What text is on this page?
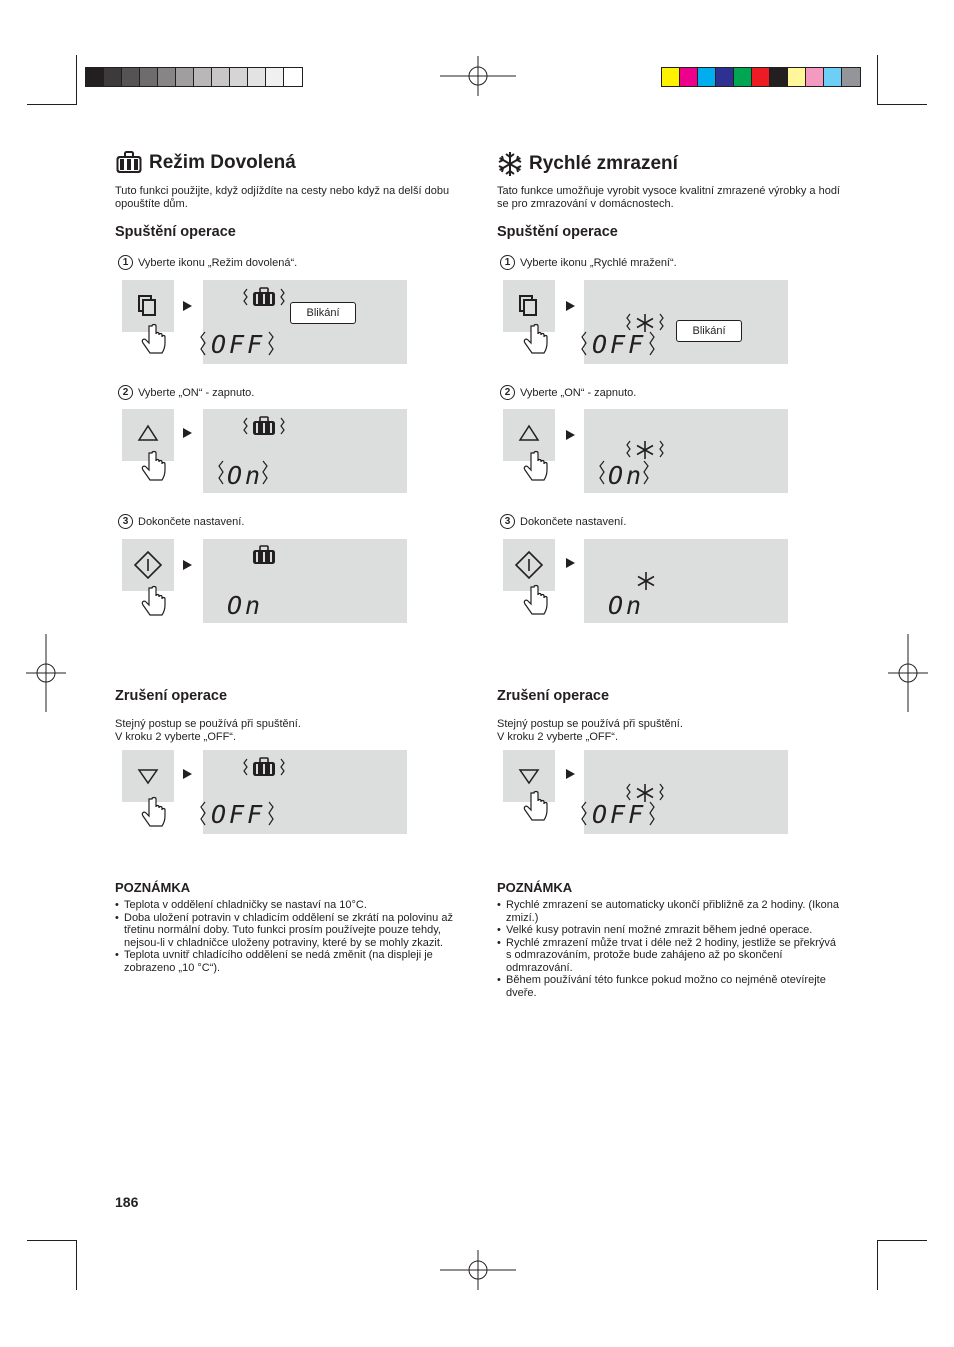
Režim Dovolená
Tuto funkci použijte, když odjíždíte na cesty nebo když na delší dobu opouštíte dům.
Spuštění operace
1 Vyberte ikonu „Režim dovolená“.
OFF
Blikání
2 Vyberte „ON“ - zapnuto.
On
3 Dokončete nastavení.
On
Zrušení operace
Stejný postup se používá při spuštění.
V kroku 2 vyberte „OFF“.
OFF
POZNÁMKA
• Teplota v oddělení chladničky se nastaví na 10°C.
• Doba uložení potravin v chladicím oddělení se zkrátí na polovinu až třetinu normální doby. Tuto funkci prosím používejte pouze tehdy, nejsou-li v chladničce uloženy potraviny, které by se mohly zkazit.
• Teplota uvnitř chladícího oddělení se nedá změnit (na displeji je zobrazeno „10 °C“).
Rychlé zmrazení
Tato funkce umožňuje vyrobit vysoce kvalitní zmrazené výrobky a hodí se pro zmrazování v domácnostech.
Spuštění operace
1 Vyberte ikonu „Rychlé mražení“.
OFF	Blikání
2 Vyberte „ON“ - zapnuto.
On
3 Dokončete nastavení.
On
Zrušení operace
Stejný postup se používá při spuštění.
V kroku 2 vyberte „OFF“.
OFF
POZNÁMKA
• Rychlé zmrazení se automaticky ukončí přibližně za 2 hodiny. (Ikona zmizí.)
• Velké kusy potravin není možné zmrazit během jedné operace.
• Rychlé zmrazení může trvat i déle než 2 hodiny, jestliže se překrývá s odmrazováním, protože bude zahájeno až po skončení odmrazování.
• Během používání této funkce pokud možno co nejméně otevírejte dveře.
186
